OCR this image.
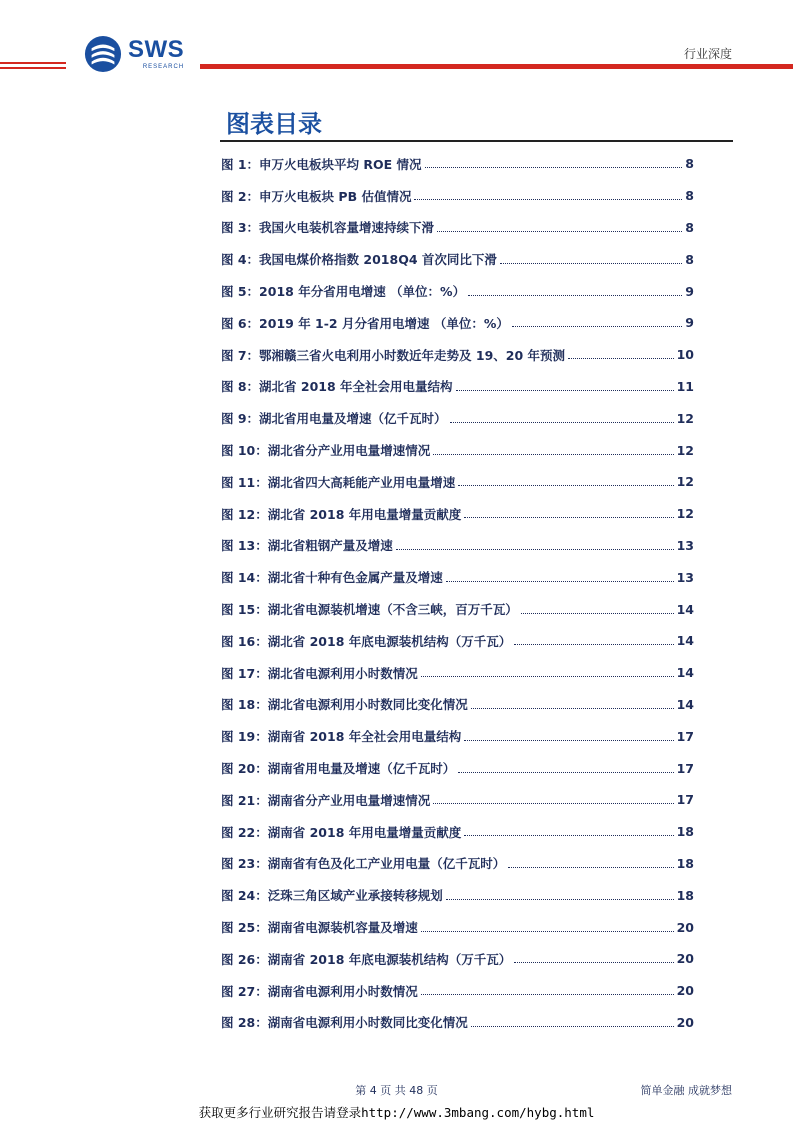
SWS
RESEARCH
行业深度
图表目录
图 1：申万火电板块平均 ROE 情况	8
图 2：申万火电板块 PB 估值情况	8
图 3：我国火电装机容量增速持续下滑	8
图 4：我国电煤价格指数 2018Q4 首次同比下滑	8
图 5：2018 年分省用电增速 （单位：%）	9
图 6：2019 年 1-2 月分省用电增速 （单位：%）	9
图 7：鄂湘赣三省火电利用小时数近年走势及 19、20 年预测	10
图 8：湖北省 2018 年全社会用电量结构	11
图 9：湖北省用电量及增速（亿千瓦时）	12
图 10：湖北省分产业用电量增速情况	12
图 11：湖北省四大高耗能产业用电量增速	12
图 12：湖北省 2018 年用电量增量贡献度	12
图 13：湖北省粗钢产量及增速	13
图 14：湖北省十种有色金属产量及增速	13
图 15：湖北省电源装机增速（不含三峡，百万千瓦）	14
图 16：湖北省 2018 年底电源装机结构（万千瓦）	14
图 17：湖北省电源利用小时数情况	14
图 18：湖北省电源利用小时数同比变化情况	14
图 19：湖南省 2018 年全社会用电量结构	17
图 20：湖南省用电量及增速（亿千瓦时）	17
图 21：湖南省分产业用电量增速情况	17
图 22：湖南省 2018 年用电量增量贡献度	18
图 23：湖南省有色及化工产业用电量（亿千瓦时）	18
图 24：泛珠三角区域产业承接转移规划	18
图 25：湖南省电源装机容量及增速	20
图 26：湖南省 2018 年底电源装机结构（万千瓦）	20
图 27：湖南省电源利用小时数情况	20
图 28：湖南省电源利用小时数同比变化情况	20
第 4 页 共 48 页	简单金融 成就梦想
获取更多行业研究报告请登录http://www.3mbang.com/hybg.html
